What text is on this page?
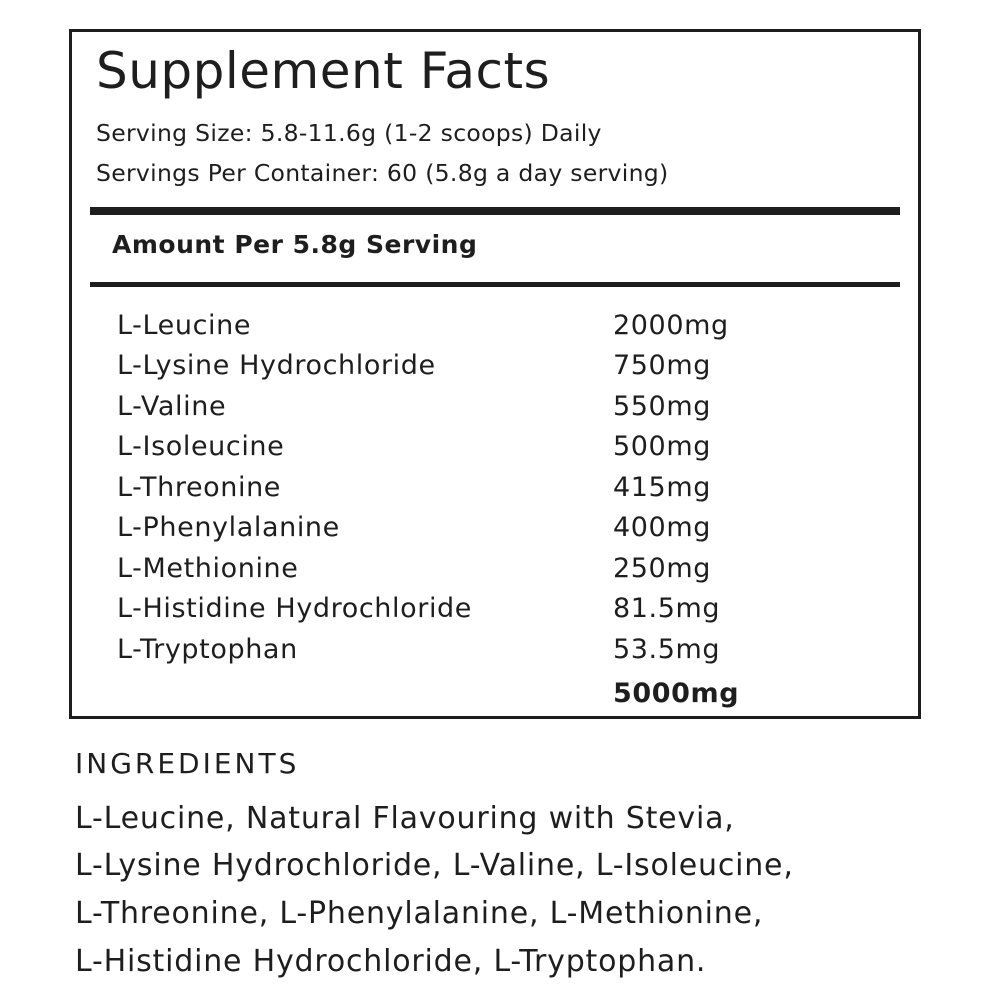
Supplement Facts
Serving Size: 5.8-11.6g (1-2 scoops) Daily
Servings Per Container: 60 (5.8g a day serving)
Amount Per 5.8g Serving
L-Leucine	2000mg
L-Lysine Hydrochloride	750mg
L-Valine	550mg
L-Isoleucine	500mg
L-Threonine	415mg
L-Phenylalanine	400mg
L-Methionine	250mg
L-Histidine Hydrochloride	81.5mg
L-Tryptophan	53.5mg
5000mg
INGREDIENTS
L-Leucine, Natural Flavouring with Stevia,
L-Lysine Hydrochloride, L-Valine, L-Isoleucine,
L-Threonine, L-Phenylalanine, L-Methionine,
L-Histidine Hydrochloride, L-Tryptophan.
